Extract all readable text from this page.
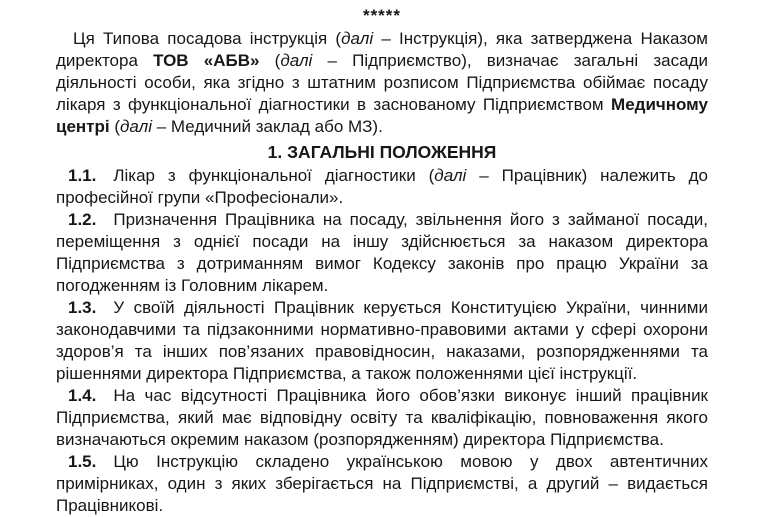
*****

Ця Типова посадова інструкція (далі – Інструкція), яка затверджена Наказом директора ТОВ «АБВ» (далі – Підприємство), визначає загальні засади діяльності особи, яка згідно з штатним розписом Підприємства обіймає посаду лікаря з функціональної діагностики в заснованому Підприємством Медичному центрі (далі – Медичний заклад або МЗ).

1. ЗАГАЛЬНІ ПОЛОЖЕННЯ

1.1. Лікар з функціональної діагностики (далі – Працівник) належить до професійної групи «Професіонали».

1.2. Призначення Працівника на посаду, звільнення його з займаної посади, переміщення з однієї посади на іншу здійснюється за наказом директора Підприємства з дотриманням вимог Кодексу законів про працю України за погодженням із Головним лікарем.

1.3. У своїй діяльності Працівник керується Конституцією України, чинними законодавчими та підзаконними нормативно-правовими актами у сфері охорони здоров’я та інших пов’язаних правовідносин, наказами, розпорядженнями та рішеннями директора Підприємства, а також положеннями цієї інструкції.

1.4. На час відсутності Працівника його обов’язки виконує інший працівник Підприємства, який має відповідну освіту та кваліфікацію, повноваження якого визначаються окремим наказом (розпорядженням) директора Підприємства.

1.5. Цю Інструкцію складено українською мовою у двох автентичних примірниках, один з яких зберігається на Підприємстві, а другий – видається Працівникові.
